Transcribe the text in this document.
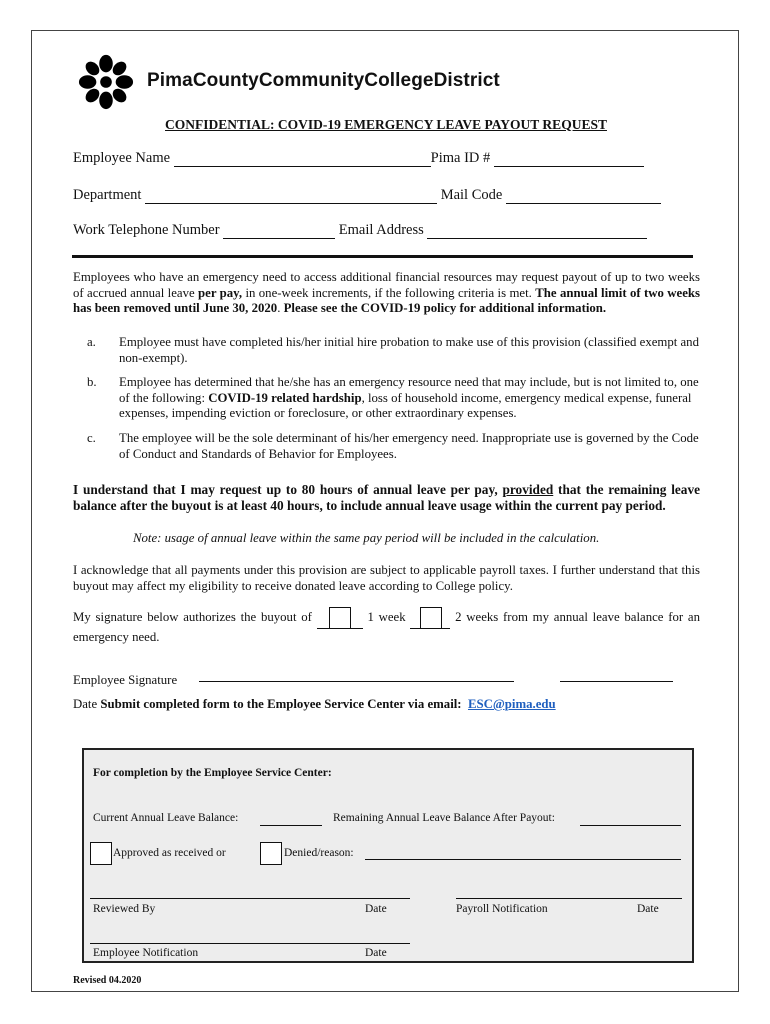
PimaCountyCommunityCollegeDistrict
CONFIDENTIAL: COVID-19 EMERGENCY LEAVE PAYOUT REQUEST
Employee Name	Pima ID #
Department	Mail Code
Work Telephone Number	Email Address
Employees who have an emergency need to access additional financial resources may request payout of up to two weeks of accrued annual leave per pay, in one-week increments, if the following criteria is met. The annual limit of two weeks has been removed until June 30, 2020. Please see the COVID-19 policy for additional information.
a. Employee must have completed his/her initial hire probation to make use of this provision (classified exempt and non-exempt).
b. Employee has determined that he/she has an emergency resource need that may include, but is not limited to, one of the following: COVID-19 related hardship, loss of household income, emergency medical expense, funeral expenses, impending eviction or foreclosure, or other extraordinary expenses.
c. The employee will be the sole determinant of his/her emergency need. Inappropriate use is governed by the Code of Conduct and Standards of Behavior for Employees.
I understand that I may request up to 80 hours of annual leave per pay, provided that the remaining leave balance after the buyout is at least 40 hours, to include annual leave usage within the current pay period.
Note: usage of annual leave within the same pay period will be included in the calculation.
I acknowledge that all payments under this provision are subject to applicable payroll taxes. I further understand that this buyout may affect my eligibility to receive donated leave according to College policy.
My signature below authorizes the buyout of	1 week	2 weeks from my annual leave balance for an emergency need.
Employee Signature
Date Submit completed form to the Employee Service Center via email: ESC@pima.edu
For completion by the Employee Service Center:
Current Annual Leave Balance:	Remaining Annual Leave Balance After Payout:
Approved as received or	Denied/reason:
Reviewed By	Date	Payroll Notification	Date
Employee Notification	Date
Revised 04.2020
